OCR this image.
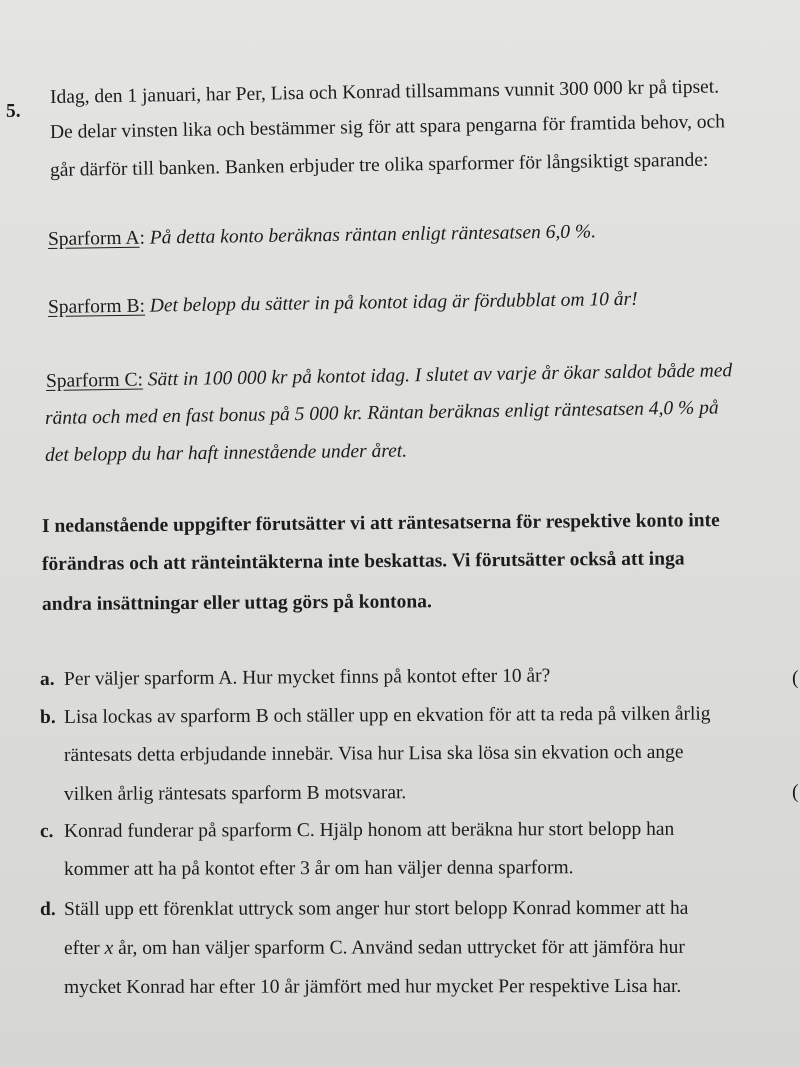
5.
Idag, den 1 januari, har Per, Lisa och Konrad tillsammans vunnit 300 000 kr på tipset.
De delar vinsten lika och bestämmer sig för att spara pengarna för framtida behov, och
går därför till banken. Banken erbjuder tre olika sparformer för långsiktigt sparande:
Sparform A: På detta konto beräknas räntan enligt räntesatsen 6,0 %.
Sparform B: Det belopp du sätter in på kontot idag är fördubblat om 10 år!
Sparform C: Sätt in 100 000 kr på kontot idag. I slutet av varje år ökar saldot både med
ränta och med en fast bonus på 5 000 kr. Räntan beräknas enligt räntesatsen 4,0 % på
det belopp du har haft innestående under året.
I nedanstående uppgifter förutsätter vi att räntesatserna för respektive konto inte
förändras och att ränteintäkterna inte beskattas. Vi förutsätter också att inga
andra insättningar eller uttag görs på kontona.
a. Per väljer sparform A. Hur mycket finns på kontot efter 10 år?
b. Lisa lockas av sparform B och ställer upp en ekvation för att ta reda på vilken årlig
räntesats detta erbjudande innebär. Visa hur Lisa ska lösa sin ekvation och ange
vilken årlig räntesats sparform B motsvarar.
c. Konrad funderar på sparform C. Hjälp honom att beräkna hur stort belopp han
kommer att ha på kontot efter 3 år om han väljer denna sparform.
d. Ställ upp ett förenklat uttryck som anger hur stort belopp Konrad kommer att ha
efter x år, om han väljer sparform C. Använd sedan uttrycket för att jämföra hur
mycket Konrad har efter 10 år jämfört med hur mycket Per respektive Lisa har.
(
(
